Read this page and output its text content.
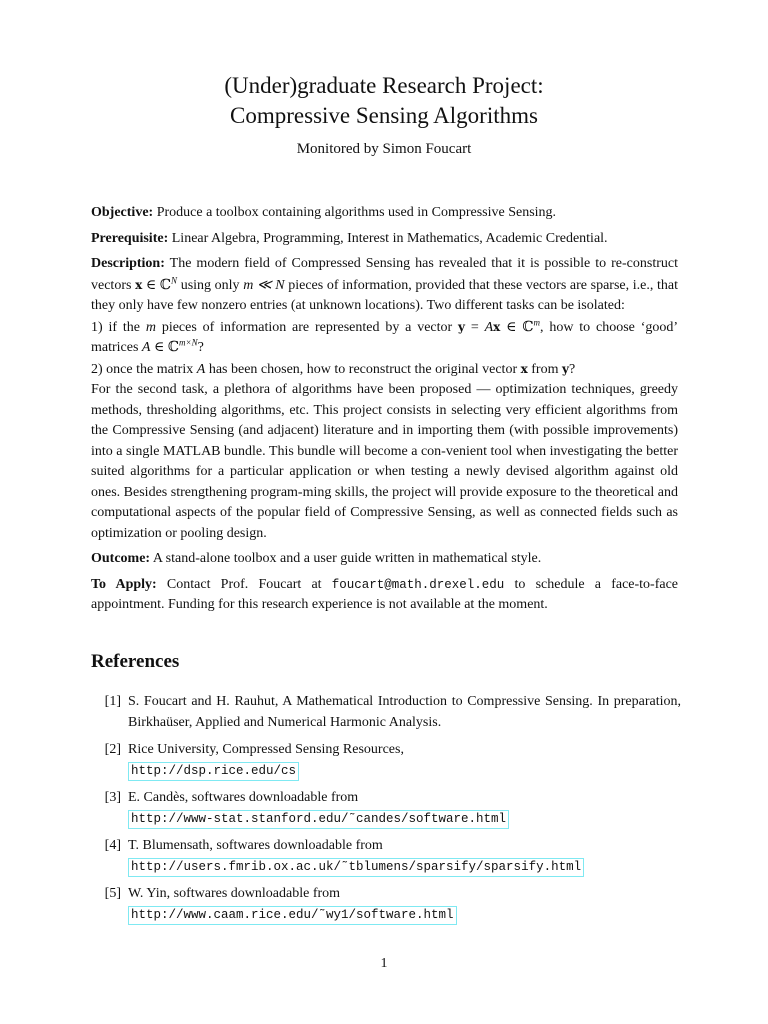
(Under)graduate Research Project:
Compressive Sensing Algorithms
Monitored by Simon Foucart

Objective: Produce a toolbox containing algorithms used in Compressive Sensing.

Prerequisite: Linear Algebra, Programming, Interest in Mathematics, Academic Credential.

Description: The modern field of Compressed Sensing has revealed that it is possible to re-construct vectors x ∈ ℂ$^N$ using only m ≪ N pieces of information, provided that these vectors are sparse, i.e., that they only have few nonzero entries (at unknown locations). Two different tasks can be isolated:
1) if the m pieces of information are represented by a vector y = Ax ∈ ℂ$^m$, how to choose ‘good’ matrices A ∈ ℂ$^{m\times N}$?
2) once the matrix A has been chosen, how to reconstruct the original vector x from y?
For the second task, a plethora of algorithms have been proposed — optimization techniques, greedy methods, thresholding algorithms, etc. This project consists in selecting very efficient algorithms from the Compressive Sensing (and adjacent) literature and in importing them (with possible improvements) into a single MATLAB bundle. This bundle will become a con-venient tool when investigating the better suited algorithms for a particular application or when testing a newly devised algorithm against old ones. Besides strengthening program-ming skills, the project will provide exposure to the theoretical and computational aspects of the popular field of Compressive Sensing, as well as connected fields such as optimization or pooling design.

Outcome: A stand-alone toolbox and a user guide written in mathematical style.

To Apply: Contact Prof. Foucart at foucart@math.drexel.edu to schedule a face-to-face appointment. Funding for this research experience is not available at the moment.

References
[1] S. Foucart and H. Rauhut, A Mathematical Introduction to Compressive Sensing. In preparation, Birkhaüser, Applied and Numerical Harmonic Analysis.
[2] Rice University, Compressed Sensing Resources,
http://dsp.rice.edu/cs
[3] E. Candès, softwares downloadable from
http://www-stat.stanford.edu/˜candes/software.html
[4] T. Blumensath, softwares downloadable from
http://users.fmrib.ox.ac.uk/˜tblumens/sparsify/sparsify.html
[5] W. Yin, softwares downloadable from
http://www.caam.rice.edu/˜wy1/software.html
1
